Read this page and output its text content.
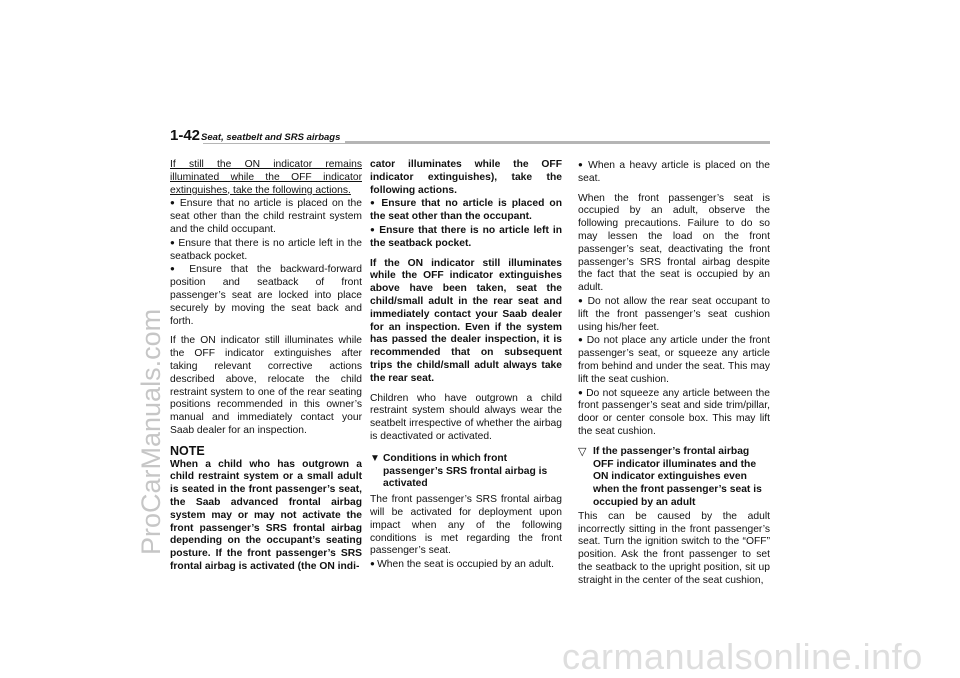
ProCarManuals.com
carmanualsonline.info
1-42 Seat, seatbelt and SRS airbags

If still the ON indicator remains illuminated while the OFF indicator extinguishes, take the following actions.

● Ensure that no article is placed on the seat other than the child restraint system and the child occupant.

● Ensure that there is no article left in the seatback pocket.

● Ensure that the backward-forward position and seatback of front passenger’s seat are locked into place securely by moving the seat back and forth.

If the ON indicator still illuminates while the OFF indicator extinguishes after taking relevant corrective actions described above, relocate the child restraint system to one of the rear seating positions recommended in this owner’s manual and immediately contact your Saab dealer for an inspection.

NOTE

When a child who has outgrown a child restraint system or a small adult is seated in the front passenger’s seat, the Saab advanced frontal airbag system may or may not activate the front passenger’s SRS frontal airbag depending on the occupant’s seating posture. If the front passenger’s SRS frontal airbag is activated (the ON indi-

cator illuminates while the OFF indicator extinguishes), take the following actions.

● Ensure that no article is placed on the seat other than the occupant.

● Ensure that there is no article left in the seatback pocket.

If the ON indicator still illuminates while the OFF indicator extinguishes above have been taken, seat the child/small adult in the rear seat and immediately contact your Saab dealer for an inspection. Even if the system has passed the dealer inspection, it is recommended that on subsequent trips the child/small adult always take the rear seat.

Children who have outgrown a child restraint system should always wear the seatbelt irrespective of whether the airbag is deactivated or activated.

▼ Conditions in which front passenger’s SRS frontal airbag is activated

The front passenger’s SRS frontal airbag will be activated for deployment upon impact when any of the following conditions is met regarding the front passenger’s seat.

● When the seat is occupied by an adult.

● When a heavy article is placed on the seat.

When the front passenger’s seat is occupied by an adult, observe the following precautions. Failure to do so may lessen the load on the front passenger’s seat, deactivating the front passenger’s SRS frontal airbag despite the fact that the seat is occupied by an adult.

● Do not allow the rear seat occupant to lift the front passenger’s seat cushion using his/her feet.

● Do not place any article under the front passenger’s seat, or squeeze any article from behind and under the seat. This may lift the seat cushion.

● Do not squeeze any article between the front passenger’s seat and side trim/pillar, door or center console box. This may lift the seat cushion.

▽ If the passenger’s frontal airbag OFF indicator illuminates and the ON indicator extinguishes even when the front passenger’s seat is occupied by an adult

This can be caused by the adult incorrectly sitting in the front passenger’s seat. Turn the ignition switch to the “OFF” position. Ask the front passenger to set the seatback to the upright position, sit up straight in the center of the seat cushion,
